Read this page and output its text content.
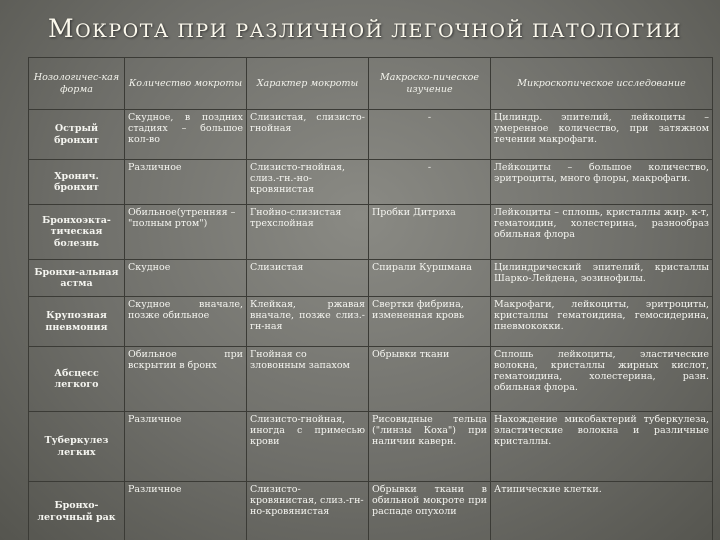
МОКРОТА ПРИ РАЗЛИЧНОЙ ЛЕГОЧНОЙ ПАТОЛОГИИ
Нозологичес-кая форма	Количество мокроты	Характер мокроты	Макроско-пическое изучение	Микроскопическое исследование
Острый бронхит	Скудное, в поздних стадиях – большое кол-во	Слизистая, слизисто-гнойная	-	Цилиндр. эпителий, лейкоциты – умеренное количество, при затяжном течении макрофаги.
Хронич. бронхит	Различное	Слизисто-гнойная, слиз.-гн.-но-кровянистая	-	Лейкоциты – большое количество, эритроциты, много флоры, макрофаги.
Бронхоэкта-тическая болезнь	Обильное(утренняя – "полным ртом")	Гнойно-слизистая трехслойная	Пробки Дитриха	Лейкоциты – сплошь, кристаллы жир. к-т, гематоидин, холестерина, разнообраз обильная флора
Бронхи-альная астма	Скудное	Слизистая	Спирали Куршмана	Цилиндрический эпителий, кристаллы Шарко-Лейдена, эозинофилы.
Крупозная пневмония	Скудное вначале, позже обильное	Клейкая, ржавая вначале, позже слиз.-гн-ная	Свертки фибрина, измененная кровь	Макрофаги, лейкоциты, эритроциты, кристаллы гематоидина, гемосидерина, пневмококки.
Абсцесс легкого	Обильное при вскрытии в бронх	Гнойная со зловонным запахом	Обрывки ткани	Сплошь лейкоциты, эластические волокна, кристаллы жирных кислот, гематоидина, холестерина, разн. обильная флора.
Туберкулез легких	Различное	Слизисто-гнойная, иногда с примесью крови	Рисовидные тельца ("линзы Коха") при наличии каверн.	Нахождение микобактерий туберкулеза, эластические волокна и различные кристаллы.
Бронхо-легочный рак	Различное	Слизисто-кровянистая, слиз.-гн-но-кровянистая	Обрывки ткани в обильной мокроте при распаде опухоли	Атипические клетки.
